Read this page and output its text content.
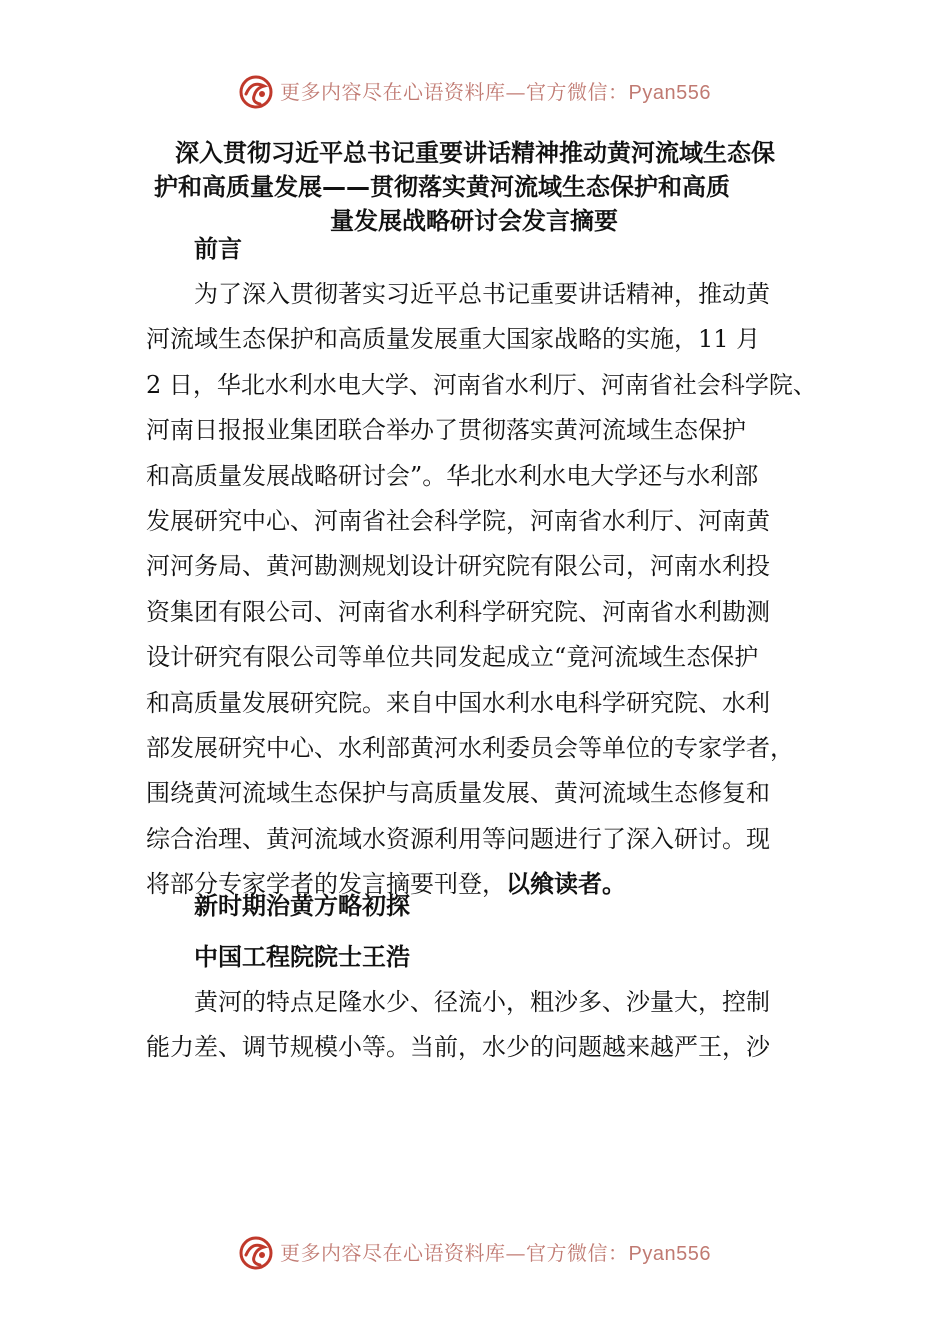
更多内容尽在心语资料库—官方微信：Pyan556
深入贯彻习近平总书记重要讲话精神推动黄河流域生态保
护和高质量发展——贯彻落实黄河流域生态保护和高质
量发展战略研讨会发言摘要
前言
为了深入贯彻著实习近平总书记重要讲话精神，推动黄
河流域生态保护和高质量发展重大国家战略的实施，11 月
2 日，华北水利水电大学、河南省水利厅、河南省社会科学院、
河南日报报业集团联合举办了贯彻落实黄河流域生态保护
和高质量发展战略研讨会”。华北水利水电大学还与水利部
发展研究中心、河南省社会科学院，河南省水利厅、河南黄
河河务局、黄河勘测规划设计研究院有限公司，河南水利投
资集团有限公司、河南省水利科学研究院、河南省水利勘测
设计研究有限公司等单位共同发起成立“竟河流域生态保护
和高质量发展研究院。来自中国水利水电科学研究院、水利
部发展研究中心、水利部黄河水利委员会等单位的专家学者，
围绕黄河流域生态保护与高质量发展、黄河流域生态修复和
综合治理、黄河流域水资源利用等问题进行了深入研讨。现
将部分专家学者的发言摘要刊登，以飨读者。
新时期治黄方略初探
中国工程院院士王浩
黄河的特点足隆水少、径流小，粗沙多、沙量大，控制
能力差、调节规模小等。当前，水少的问题越来越严王，沙
更多内容尽在心语资料库—官方微信：Pyan556
